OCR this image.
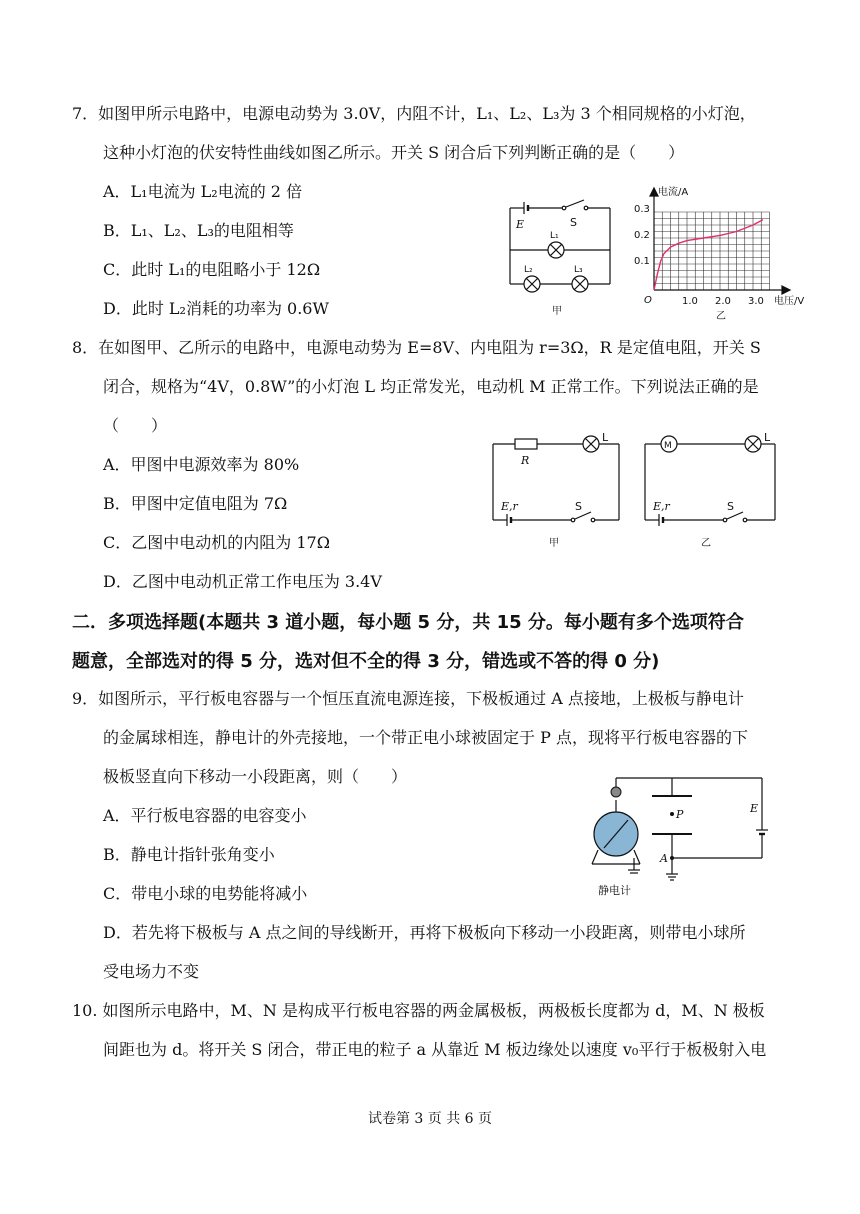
7．如图甲所示电路中，电源电动势为 3.0V，内阻不计，L₁、L₂、L₃为 3 个相同规格的小灯泡，
这种小灯泡的伏安特性曲线如图乙所示。开关 S 闭合后下列判断正确的是（　　）
A．L₁电流为 L₂电流的 2 倍
B．L₁、L₂、L₃的电阻相等
C．此时 L₁的电阻略小于 12Ω
D．此时 L₂消耗的功率为 0.6W
E	S
L₁
L₂	L₃
甲
电流/A
电压/V
O	1.0 2.0 3.0
0.1
0.2
0.3
乙
8．在如图甲、乙所示的电路中，电源电动势为 E=8V、内电阻为 r=3Ω，R 是定值电阻，开关 S
闭合，规格为“4V，0.8W”的小灯泡 L 均正常发光，电动机 M 正常工作。下列说法正确的是
（　　）
A．甲图中电源效率为 80%
B．甲图中定值电阻为 7Ω
C．乙图中电动机的内阻为 17Ω
D．乙图中电动机正常工作电压为 3.4V
R
E,r	E,r
L
S
M
L
S
甲	乙
二．多项选择题(本题共 3 道小题，每小题 5 分，共 15 分。每小题有多个选项符合
题意，全部选对的得 5 分，选对但不全的得 3 分，错选或不答的得 0 分)
9．如图所示，平行板电容器与一个恒压直流电源连接，下极板通过 A 点接地，上极板与静电计
的金属球相连，静电计的外壳接地，一个带正电小球被固定于 P 点，现将平行板电容器的下
极板竖直向下移动一小段距离，则（　　）
A．平行板电容器的电容变小
B．静电计指针张角变小
C．带电小球的电势能将减小
D．若先将下极板与 A 点之间的导线断开，再将下极板向下移动一小段距离，则带电小球所
受电场力不变
P	E
A
静电计
10. 如图所示电路中，M、N 是构成平行板电容器的两金属极板，两极板长度都为 d，M、N 极板
间距也为 d。将开关 S 闭合，带正电的粒子 a 从靠近 M 板边缘处以速度 v₀平行于板极射入电
试卷第 3 页 共 6 页
